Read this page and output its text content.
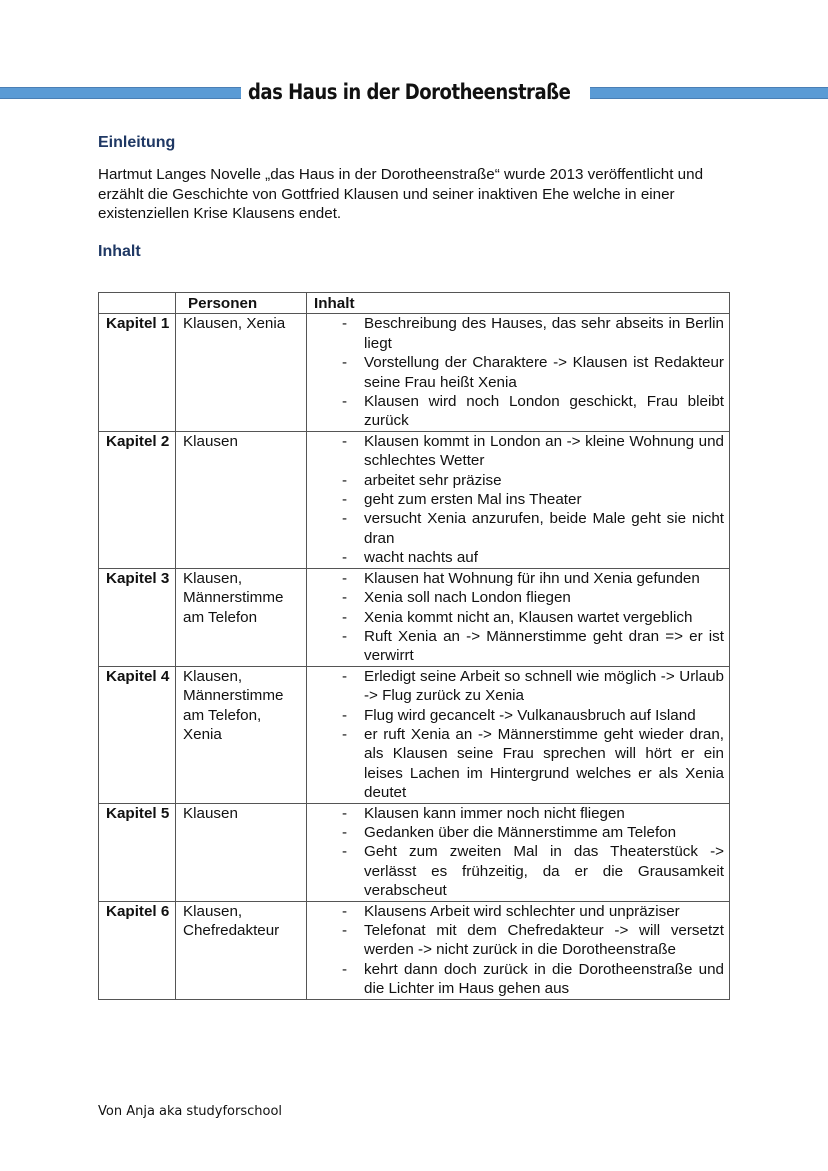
das Haus in der Dorotheenstraße
Einleitung
Hartmut Langes Novelle „das Haus in der Dorotheenstraße“ wurde 2013 veröffentlicht und erzählt die Geschichte von Gottfried Klausen und seiner inaktiven Ehe welche in einer existenziellen Krise Klausens endet.
Inhalt
	Personen	Inhalt
Kapitel 1	Klausen, Xenia	- Beschreibung des Hauses, das sehr abseits in Berlin liegt
- Vorstellung der Charaktere -> Klausen ist Redakteur seine Frau heißt Xenia
- Klausen wird noch London geschickt, Frau bleibt zurück

Kapitel 2	Klausen	- Klausen kommt in London an -> kleine Wohnung und schlechtes Wetter
- arbeitet sehr präzise
- geht zum ersten Mal ins Theater
- versucht Xenia anzurufen, beide Male geht sie nicht dran
- wacht nachts auf

Kapitel 3	Klausen, Männerstimme am Telefon	
- Klausen hat Wohnung für ihn und Xenia gefunden
- Xenia soll nach London fliegen
- Xenia kommt nicht an, Klausen wartet vergeblich
- Ruft Xenia an -> Männerstimme geht dran => er ist verwirrt

Kapitel 4	Klausen, Männerstimme am Telefon, Xenia	
- Erledigt seine Arbeit so schnell wie möglich -> Urlaub -> Flug zurück zu Xenia
- Flug wird gecancelt -> Vulkanausbruch auf Island
- er ruft Xenia an -> Männerstimme geht wieder dran, als Klausen seine Frau sprechen will hört er ein leises Lachen im Hintergrund welches er als Xenia deutet

Kapitel 5	Klausen	- Klausen kann immer noch nicht fliegen
- Gedanken über die Männerstimme am Telefon
- Geht zum zweiten Mal in das Theaterstück -> verlässt es frühzeitig, da er die Grausamkeit verabscheut

Kapitel 6	Klausen, Chefredakteur	
- Klausens Arbeit wird schlechter und unpräziser
- Telefonat mit dem Chefredakteur -> will versetzt werden -> nicht zurück in die Dorotheenstraße
- kehrt dann doch zurück in die Dorotheenstraße und die Lichter im Haus gehen aus
Von Anja aka studyforschool
